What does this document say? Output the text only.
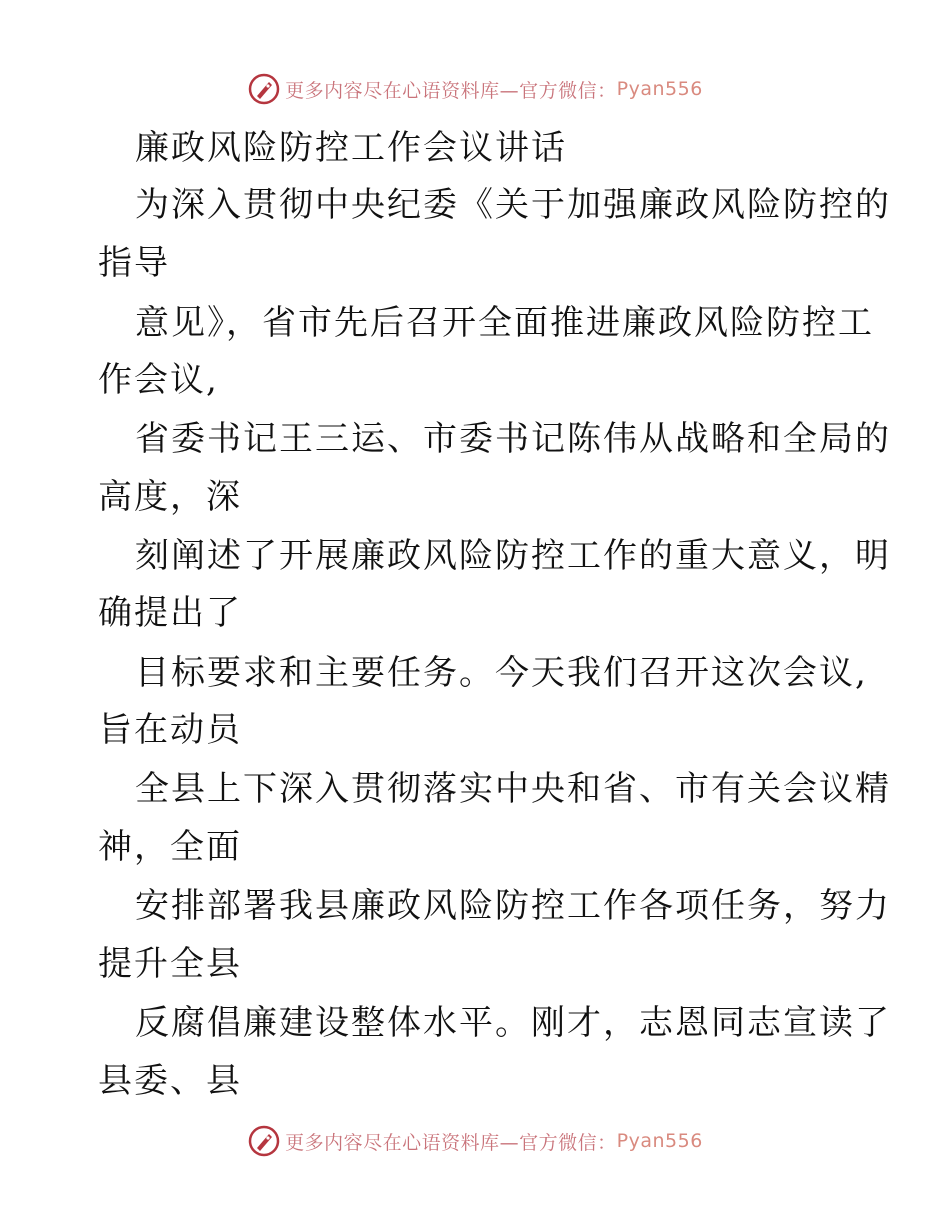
更多内容尽在心语资料库—官方微信： Pyan556
廉政风险防控工作会议讲话
为深入贯彻中央纪委《关于加强廉政风险防控的
指导
意见》，省市先后召开全面推进廉政风险防控工
作会议,
省委书记王三运、市委书记陈伟从战略和全局的
高度，深
刻阐述了开展廉政风险防控工作的重大意义，明
确提出了
目标要求和主要任务。今天我们召开这次会议,
旨在动员
全县上下深入贯彻落实中央和省、市有关会议精
神，全面
安排部署我县廉政风险防控工作各项任务，努力
提升全县
反腐倡廉建设整体水平。刚才，志恩同志宣读了
县委、县
更多内容尽在心语资料库—官方微信： Pyan556
